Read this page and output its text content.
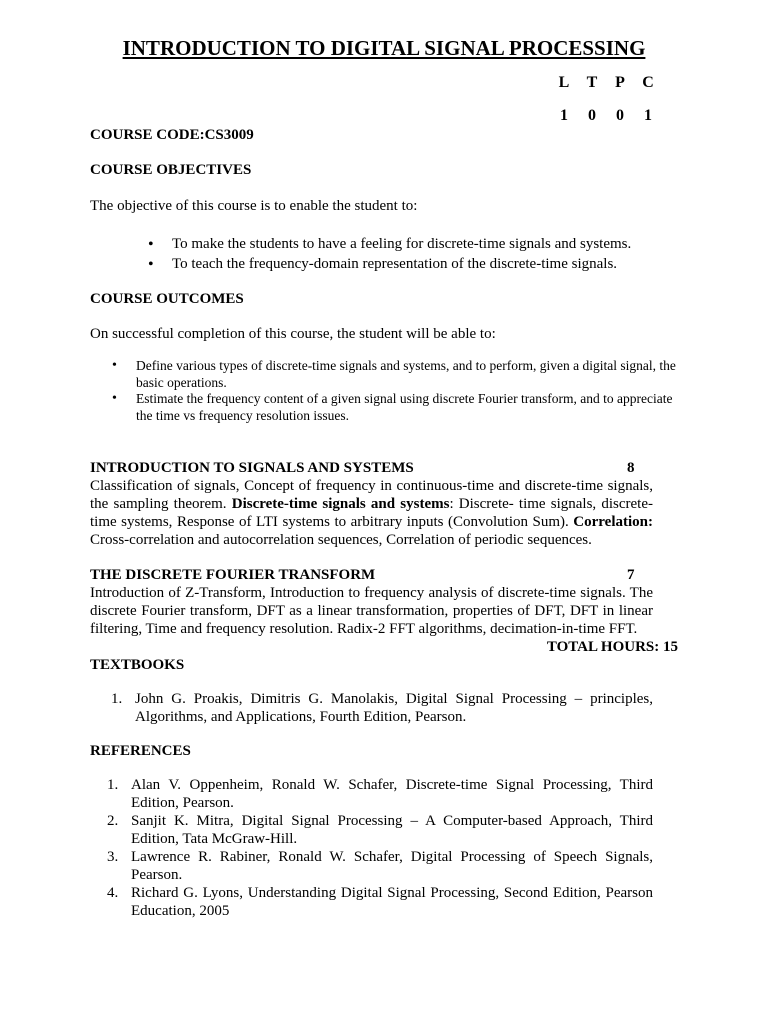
INTRODUCTION TO DIGITAL SIGNAL PROCESSING
L T P C
1 0 0 1
COURSE CODE:CS3009
COURSE OBJECTIVES
The objective of this course is to enable the student to:
• To make the students to have a feeling for discrete-time signals and systems.
• To teach the frequency-domain representation of the discrete-time signals.
COURSE OUTCOMES
On successful completion of this course, the student will be able to:
• Define various types of discrete-time signals and systems, and to perform, given a digital signal, the basic operations.
• Estimate the frequency content of a given signal using discrete Fourier transform, and to appreciate the time vs frequency resolution issues.
INTRODUCTION TO SIGNALS AND SYSTEMS	8

Classification of signals, Concept of frequency in continuous-time and discrete-time signals, the sampling theorem. Discrete-time signals and systems: Discrete- time signals, discrete-time systems, Response of LTI systems to arbitrary inputs (Convolution Sum). Correlation: Cross-correlation and autocorrelation sequences, Correlation of periodic sequences.

THE DISCRETE FOURIER TRANSFORM	7

Introduction of Z-Transform, Introduction to frequency analysis of discrete-time signals. The discrete Fourier transform, DFT as a linear transformation, properties of DFT, DFT in linear filtering, Time and frequency resolution. Radix-2 FFT algorithms, decimation-in-time FFT.

TOTAL HOURS: 15
TEXTBOOKS
1. John G. Proakis, Dimitris G. Manolakis, Digital Signal Processing – principles, Algorithms, and Applications, Fourth Edition, Pearson.
REFERENCES
1. Alan V. Oppenheim, Ronald W. Schafer, Discrete-time Signal Processing, Third Edition, Pearson.
2. Sanjit K. Mitra, Digital Signal Processing – A Computer-based Approach, Third Edition, Tata McGraw-Hill.
3. Lawrence R. Rabiner, Ronald W. Schafer, Digital Processing of Speech Signals, Pearson.
4. Richard G. Lyons, Understanding Digital Signal Processing, Second Edition, Pearson Education, 2005
